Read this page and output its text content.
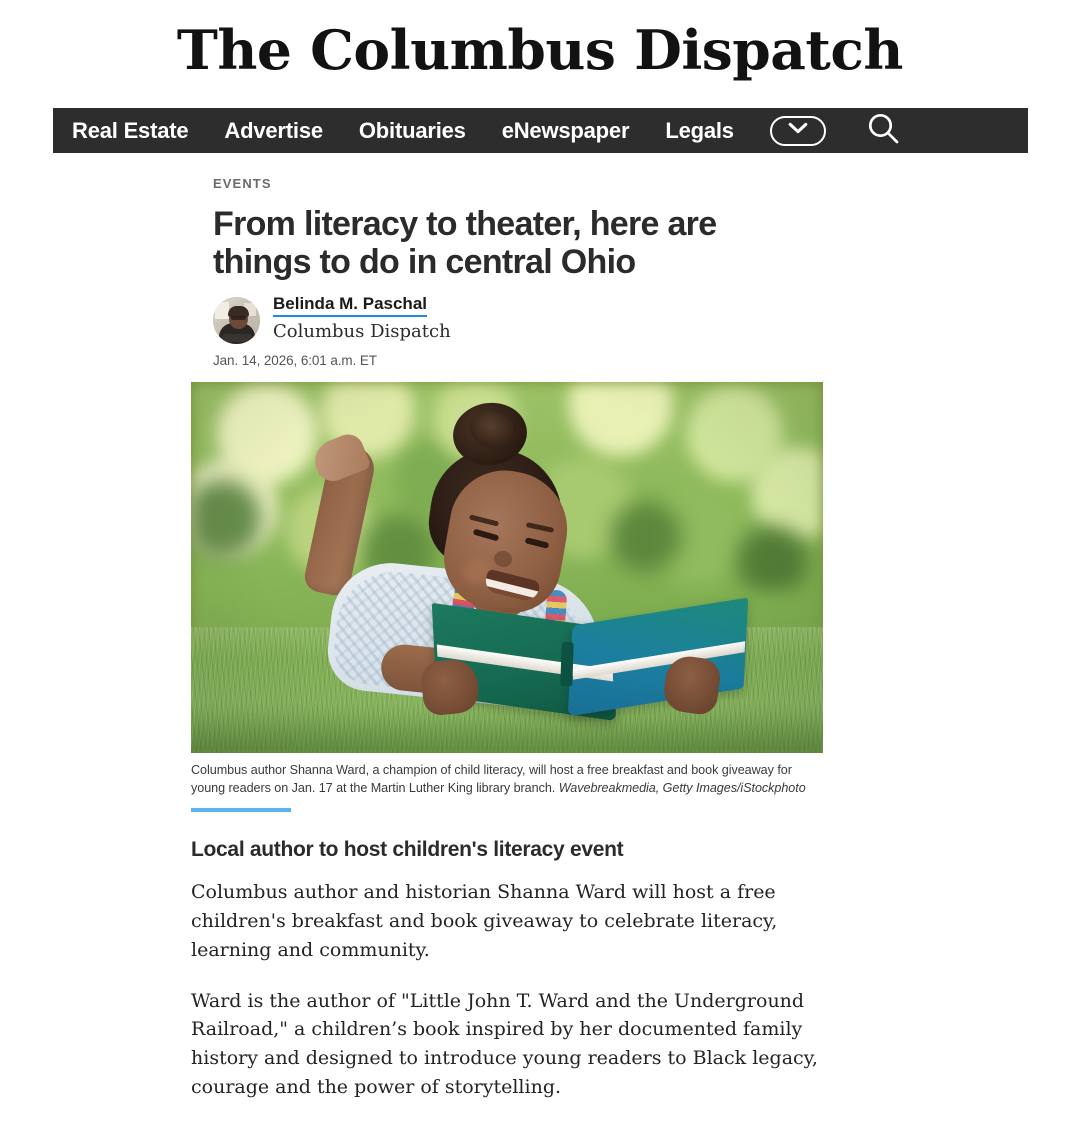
The Columbus Dispatch
Real Estate Advertise Obituaries eNewspaper Legals
EVENTS
From literacy to theater, here are things to do in central Ohio
Belinda M. Paschal
Columbus Dispatch
Jan. 14, 2026, 6:01 a.m. ET
Columbus author Shanna Ward, a champion of child literacy, will host a free breakfast and book giveaway for young readers on Jan. 17 at the Martin Luther King library branch. Wavebreakmedia, Getty Images/iStockphoto
Local author to host children's literacy event

Columbus author and historian Shanna Ward will host a free children's breakfast and book giveaway to celebrate literacy, learning and community.

Ward is the author of "Little John T. Ward and the Underground Railroad," a children’s book inspired by her documented family history and designed to introduce young readers to Black legacy, courage and the power of storytelling.
